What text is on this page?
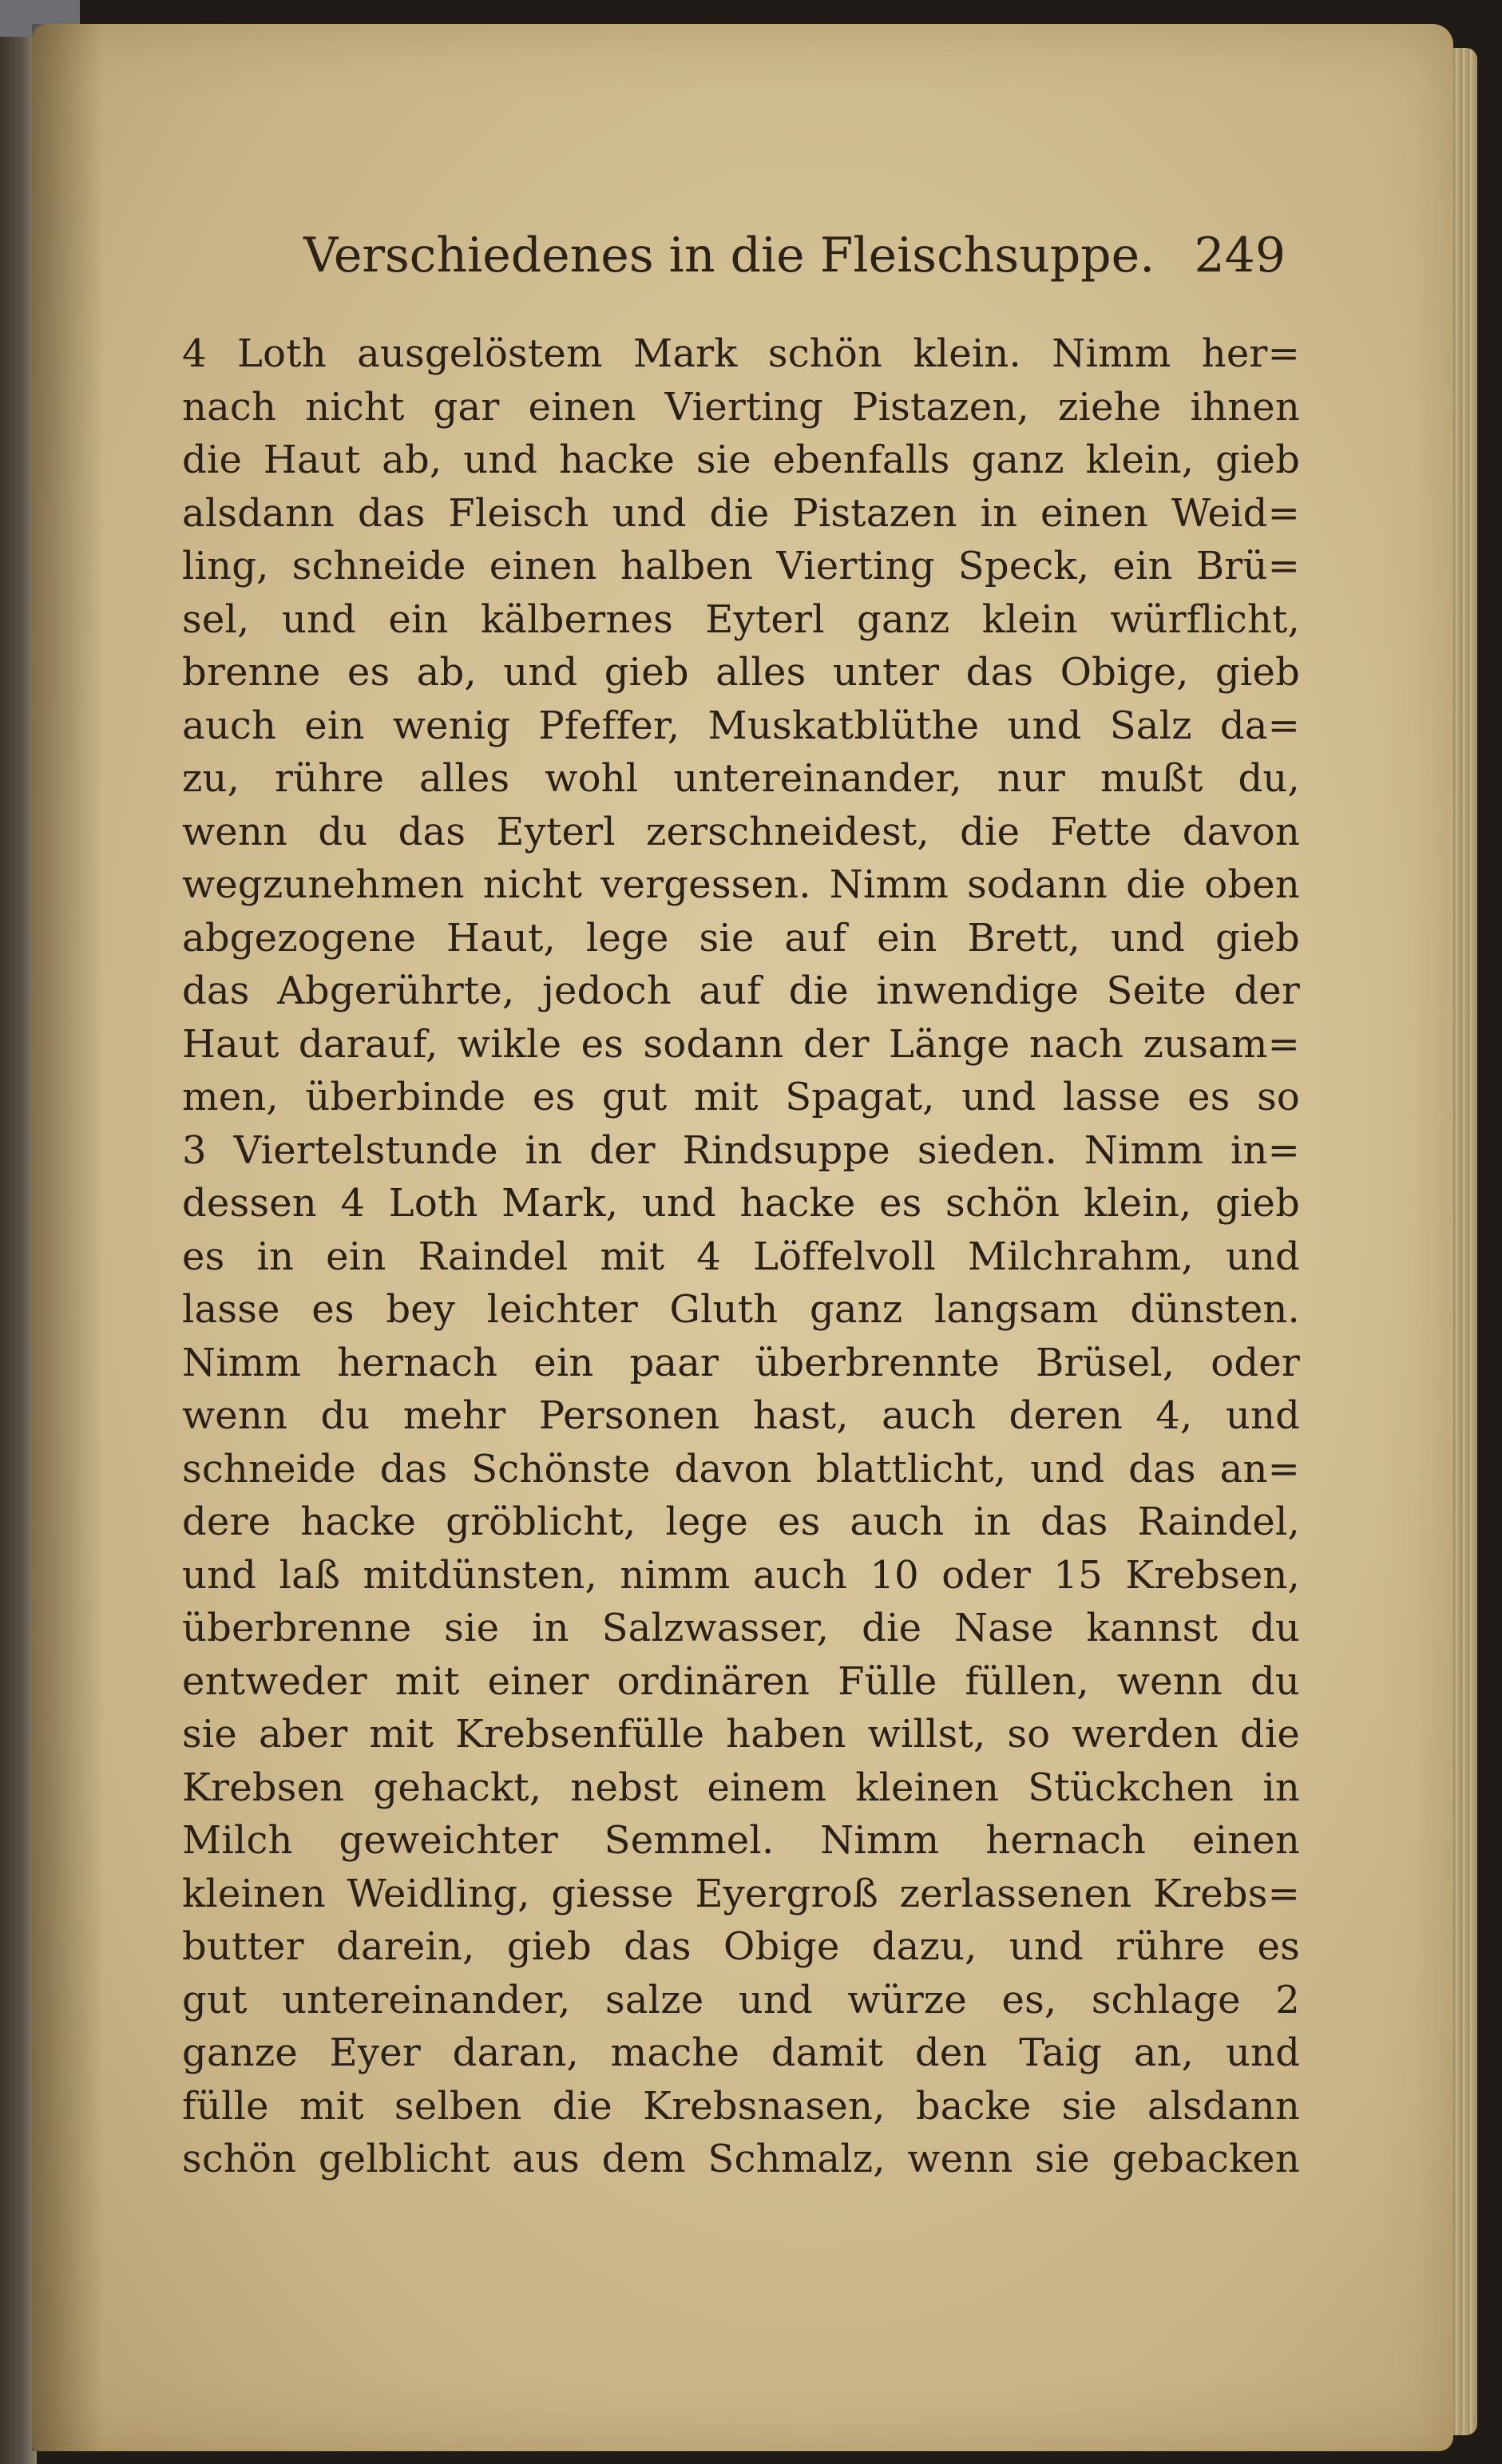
Verschiedenes in die Fleischsuppe. 249
4 Loth ausgelöstem Mark schön klein. Nimm her=
nach nicht gar einen Vierting Pistazen, ziehe ihnen
die Haut ab, und hacke sie ebenfalls ganz klein, gieb
alsdann das Fleisch und die Pistazen in einen Weid=
ling, schneide einen halben Vierting Speck, ein Brü=
sel, und ein kälbernes Eyterl ganz klein würflicht,
brenne es ab, und gieb alles unter das Obige, gieb
auch ein wenig Pfeffer, Muskatblüthe und Salz da=
zu, rühre alles wohl untereinander, nur mußt du,
wenn du das Eyterl zerschneidest, die Fette davon
wegzunehmen nicht vergessen. Nimm sodann die oben
abgezogene Haut, lege sie auf ein Brett, und gieb
das Abgerührte, jedoch auf die inwendige Seite der
Haut darauf, wikle es sodann der Länge nach zusam=
men, überbinde es gut mit Spagat, und lasse es so
3 Viertelstunde in der Rindsuppe sieden. Nimm in=
dessen 4 Loth Mark, und hacke es schön klein, gieb
es in ein Raindel mit 4 Löffelvoll Milchrahm, und
lasse es bey leichter Gluth ganz langsam dünsten.
Nimm hernach ein paar überbrennte Brüsel, oder
wenn du mehr Personen hast, auch deren 4, und
schneide das Schönste davon blattlicht, und das an=
dere hacke gröblicht, lege es auch in das Raindel,
und laß mitdünsten, nimm auch 10 oder 15 Krebsen,
überbrenne sie in Salzwasser, die Nase kannst du
entweder mit einer ordinären Fülle füllen, wenn du
sie aber mit Krebsenfülle haben willst, so werden die
Krebsen gehackt, nebst einem kleinen Stückchen in
Milch geweichter Semmel. Nimm hernach einen
kleinen Weidling, giesse Eyergroß zerlassenen Krebs=
butter darein, gieb das Obige dazu, und rühre es
gut untereinander, salze und würze es, schlage 2
ganze Eyer daran, mache damit den Taig an, und
fülle mit selben die Krebsnasen, backe sie alsdann
schön gelblicht aus dem Schmalz, wenn sie gebacken
